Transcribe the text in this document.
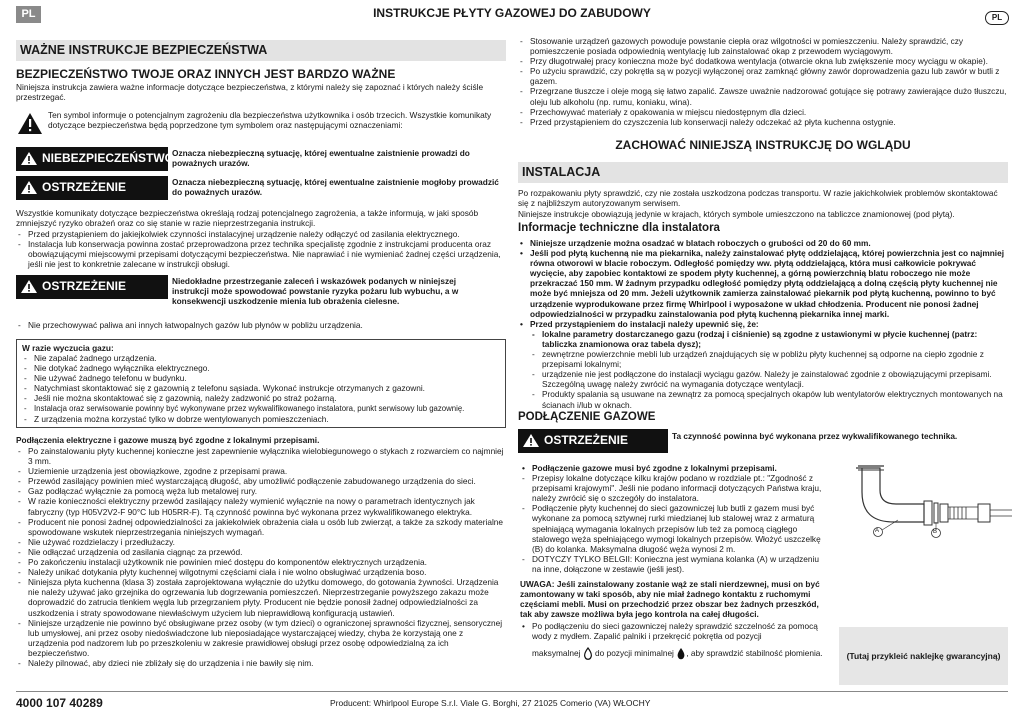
PL	INSTRUKCJE PŁYTY GAZOWEJ DO ZABUDOWY	PL
WAŻNE INSTRUKCJE BEZPIECZEŃSTWA
BEZPIECZEŃSTWO TWOJE ORAZ INNYCH JEST BARDZO WAŻNE
Niniejsza instrukcja zawiera ważne informacje dotyczące bezpieczeństwa, z którymi należy się zapoznać i których należy ściśle przestrzegać.
Ten symbol informuje o potencjalnym zagrożeniu dla bezpieczeństwa użytkownika i osób trzecich. Wszystkie komunikaty dotyczące bezpieczeństwa będą poprzedzone tym symbolem oraz następującymi oznaczeniami:
NIEBEZPIECZEŃSTWO
Oznacza niebezpieczną sytuację, której ewentualne zaistnienie prowadzi do poważnych urazów.
OSTRZEŻENIE	Oznacza niebezpieczną sytuację, której ewentualne zaistnienie mogłoby prowadzić do poważnych urazów.
Wszystkie komunikaty dotyczące bezpieczeństwa określają rodzaj potencjalnego zagrożenia, a także informują, w jaki sposób zmniejszyć ryzyko obrażeń oraz co się stanie w razie nieprzestrzegania instrukcji.
- Przed przystąpieniem do jakiejkolwiek czynności instalacyjnej urządzenie należy odłączyć od zasilania elektrycznego.
- Instalacja lub konserwacja powinna zostać przeprowadzona przez technika specjalistę zgodnie z instrukcjami producenta oraz obowiązującymi miejscowymi przepisami dotyczącymi bezpieczeństwa. Nie naprawiać i nie wymieniać żadnej części urządzenia, jeśli nie jest to konkretnie zalecane w instrukcji obsługi.
OSTRZEŻENIE	Niedokładne przestrzeganie zaleceń i wskazówek podanych w niniejszej instrukcji może spowodować powstanie ryzyka pożaru lub wybuchu, a w konsekwencji uszkodzenie mienia lub obrażenia cielesne.
- Nie przechowywać paliwa ani innych łatwopalnych gazów lub płynów w pobliżu urządzenia.
W razie wyczucia gazu:
- Nie zapalać żadnego urządzenia.
- Nie dotykać żadnego wyłącznika elektrycznego.
- Nie używać żadnego telefonu w budynku.
- Natychmiast skontaktować się z gazownią z telefonu sąsiada. Wykonać instrukcje otrzymanych z gazowni.
- Jeśli nie można skontaktować się z gazownią, należy zadzwonić po straż pożarną.
- Instalacja oraz serwisowanie powinny być wykonywane przez wykwalifikowanego instalatora, punkt serwisowy lub gazownię.
- Z urządzenia można korzystać tylko w dobrze wentylowanych pomieszczeniach.
Podłączenia elektryczne i gazowe muszą być zgodne z lokalnymi przepisami.
- Po zainstalowaniu płyty kuchennej konieczne jest zapewnienie wyłącznika wielobiegunowego o stykach z rozwarciem co najmniej 3 mm.
- Uziemienie urządzenia jest obowiązkowe, zgodne z przepisami prawa.
- Przewód zasilający powinien mieć wystarczającą długość, aby umożliwić podłączenie zabudowanego urządzenia do sieci.
- Gaz podłączać wyłącznie za pomocą węża lub metalowej rury.
- W razie konieczności elektryczny przewód zasilający należy wymienić wyłącznie na nowy o parametrach identycznych jak fabryczny (typ H05V2V2-F 90°C lub H05RR-F). Tą czynność powinna być wykonana przez wykwalifikowanego elektryka.
- Producent nie ponosi żadnej odpowiedzialności za jakiekolwiek obrażenia ciała u osób lub zwierząt, a także za szkody materialne spowodowane wskutek nieprzestrzegania niniejszych wymagań.
- Nie używać rozdzielaczy i przedłużaczy.
- Nie odłączać urządzenia od zasilania ciągnąc za przewód.
- Po zakończeniu instalacji użytkownik nie powinien mieć dostępu do komponentów elektrycznych urządzenia.
- Należy unikać dotykania płyty kuchennej wilgotnymi częściami ciała i nie wolno obsługiwać urządzenia boso.
- Niniejsza płyta kuchenna (klasa 3) została zaprojektowana wyłącznie do użytku domowego, do gotowania żywności. Urządzenia nie należy używać jako grzejnika do ogrzewania lub dogrzewania pomieszczeń. Nieprzestrzeganie powyższego zakazu może doprowadzić do zatrucia tlenkiem węgla lub przegrzaniem płyty. Producent nie będzie ponosił żadnej odpowiedzialności za uszkodzenia i straty spowodowane niewłaściwym użyciem lub nieprawidłową konfiguracją ustawień.
- Niniejsze urządzenie nie powinno być obsługiwane przez osoby (w tym dzieci) o ograniczonej sprawności fizycznej, sensorycznej lub umysłowej, ani przez osoby niedoświadczone lub nieposiadające wystarczającej wiedzy, chyba że korzystają one z urządzenia pod nadzorem lub po przeszkoleniu w zakresie prawidłowej obsługi przez osobę odpowiedzialną za ich bezpieczeństwo.
- Należy pilnować, aby dzieci nie zbliżały się do urządzenia i nie bawiły się nim.
- Stosowanie urządzeń gazowych powoduje powstanie ciepła oraz wilgotności w pomieszczeniu. Należy sprawdzić, czy pomieszczenie posiada odpowiednią wentylację lub zainstalować okap z przewodem wyciągowym.
- Przy długotrwałej pracy konieczna może być dodatkowa wentylacja (otwarcie okna lub zwiększenie mocy wyciągu w okapie).
- Po użyciu sprawdzić, czy pokrętła są w pozycji wyłączonej oraz zamknąć główny zawór doprowadzenia gazu lub zawór w butli z gazem.
- Przegrzane tłuszcze i oleje mogą się łatwo zapalić. Zawsze uważnie nadzorować gotujące się potrawy zawierające dużo tłuszczu, oleju lub alkoholu (np. rumu, koniaku, wina).
- Przechowywać materiały z opakowania w miejscu niedostępnym dla dzieci.
- Przed przystąpieniem do czyszczenia lub konserwacji należy odczekać aż płyta kuchenna ostygnie.
ZACHOWAĆ NINIEJSZĄ INSTRUKCJĘ DO WGLĄDU
INSTALACJA
Po rozpakowaniu płyty sprawdzić, czy nie została uszkodzona podczas transportu. W razie jakichkolwiek problemów skontaktować się z najbliższym autoryzowanym serwisem.
Niniejsze instrukcje obowiązują jedynie w krajach, których symbole umieszczono na tabliczce znamionowej (pod płytą).
Informacje techniczne dla instalatora
• Niniejsze urządzenie można osadzać w blatach roboczych o grubości od 20 do 60 mm.
• Jeśli pod płytą kuchenną nie ma piekarnika, należy zainstalować płytę oddzielającą, której powierzchnia jest co najmniej równa otworowi w blacie roboczym. Odległość pomiędzy ww. płytą oddzielającą, która musi całkowicie pokrywać wycięcie, aby zapobiec kontaktowi ze spodem płyty kuchennej, a górną powierzchnią blatu roboczego nie może przekraczać 150 mm. W żadnym przypadku odległość pomiędzy płytą oddzielającą a dolną częścią płyty kuchennej nie może być mniejsza od 20 mm. Jeżeli użytkownik zamierza zainstalować piekarnik pod płytą kuchenną, powinno to być urządzenie wyprodukowane przez firmę Whirlpool i wyposażone w układ chłodzenia. Producent nie ponosi żadnej odpowiedzialności w przypadku zainstalowania pod płytą kuchenną piekarnika innej marki.
• Przed przystąpieniem do instalacji należy upewnić się, że:
- lokalne parametry dostarczanego gazu (rodzaj i ciśnienie) są zgodne z ustawionymi w płycie kuchennej (patrz: tabliczka znamionowa oraz tabela dysz);
- zewnętrzne powierzchnie mebli lub urządzeń znajdujących się w pobliżu płyty kuchennej są odporne na ciepło zgodnie z przepisami lokalnymi;
- urządzenie nie jest podłączone do instalacji wyciągu gazów. Należy je zainstalować zgodnie z obowiązującymi przepisami. Szczególną uwagę należy zwrócić na wymagania dotyczące wentylacji.
- Produkty spalania są usuwane na zewnątrz za pomocą specjalnych okapów lub wentylatorów elektrycznych montowanych na ścianach i/lub w oknach.
PODŁĄCZENIE GAZOWE
OSTRZEŻENIE	Ta czynność powinna być wykonana przez wykwalifikowanego technika.
• Podłączenie gazowe musi być zgodne z lokalnymi przepisami.
- Przepisy lokalne dotyczące kilku krajów podano w rozdziale pt.: "Zgodność z przepisami krajowymi". Jeśli nie podano informacji dotyczących Państwa kraju, należy zwrócić się o szczegóły do instalatora.
- Podłączenie płyty kuchennej do sieci gazowniczej lub butli z gazem musi być wykonane za pomocą sztywnej rurki miedzianej lub stalowej wraz z armaturą spełniającą wymagania lokalnych przepisów lub też za pomocą ciągłego stalowego węża spełniającego wymogi lokalnych przepisów. Włożyć uszczelkę (B) do kolanka. Maksymalna długość węża wynosi 2 m.
- DOTYCZY TYLKO BELGII: Konieczna jest wymiana kolanka (A) w urządzeniu na inne, dołączone w zestawie (jeśli jest).
UWAGA: Jeśli zainstalowany zostanie wąż ze stali nierdzewnej, musi on być zamontowany w taki sposób, aby nie miał żadnego kontaktu z ruchomymi częściami mebli. Musi on przechodzić przez obszar bez żadnych przeszkód, tak aby zawsze możliwa była jego kontrola na całej długości.
• Po podłączeniu do sieci gazowniczej należy sprawdzić szczelność za pomocą wody z mydłem. Zapalić palniki i przekręcić pokrętła od pozycji
maksymalnej do pozycji minimalnej , aby sprawdzić stabilność płomienia.
A	B
(Tutaj przykleić naklejkę gwarancyjną)
4000 107 40289	Producent: Whirlpool Europe S.r.l. Viale G. Borghi, 27 21025 Comerio (VA) WŁOCHY
